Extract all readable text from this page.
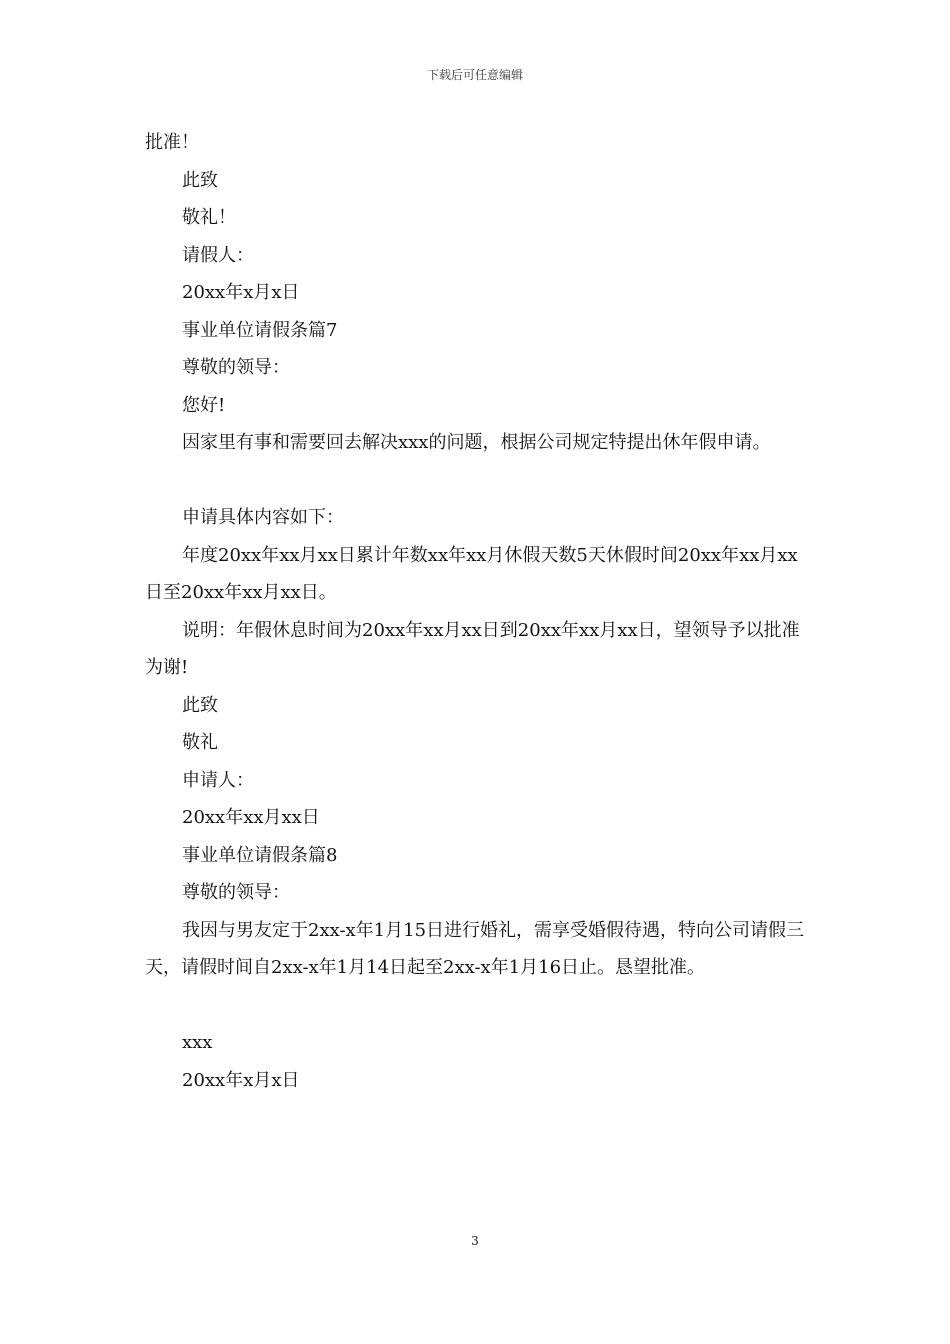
下载后可任意编辑
批准！
此致
敬礼！
请假人：
20xx年x月x日
事业单位请假条篇7
尊敬的领导：
您好!
因家里有事和需要回去解决xxx的问题，根据公司规定特提出休年假申请。
申请具体内容如下：
年度20xx年xx月xx日累计年数xx年xx月休假天数5天休假时间20xx年xx月xx日至20xx年xx月xx日。
说明：年假休息时间为20xx年xx月xx日到20xx年xx月xx日，望领导予以批准为谢!
此致
敬礼
申请人：
20xx年xx月xx日
事业单位请假条篇8
尊敬的领导：
我因与男友定于2xx-x年1月15日进行婚礼，需享受婚假待遇，特向公司请假三天，请假时间自2xx-x年1月14日起至2xx-x年1月16日止。恳望批准。
xxx
20xx年x月x日
3
